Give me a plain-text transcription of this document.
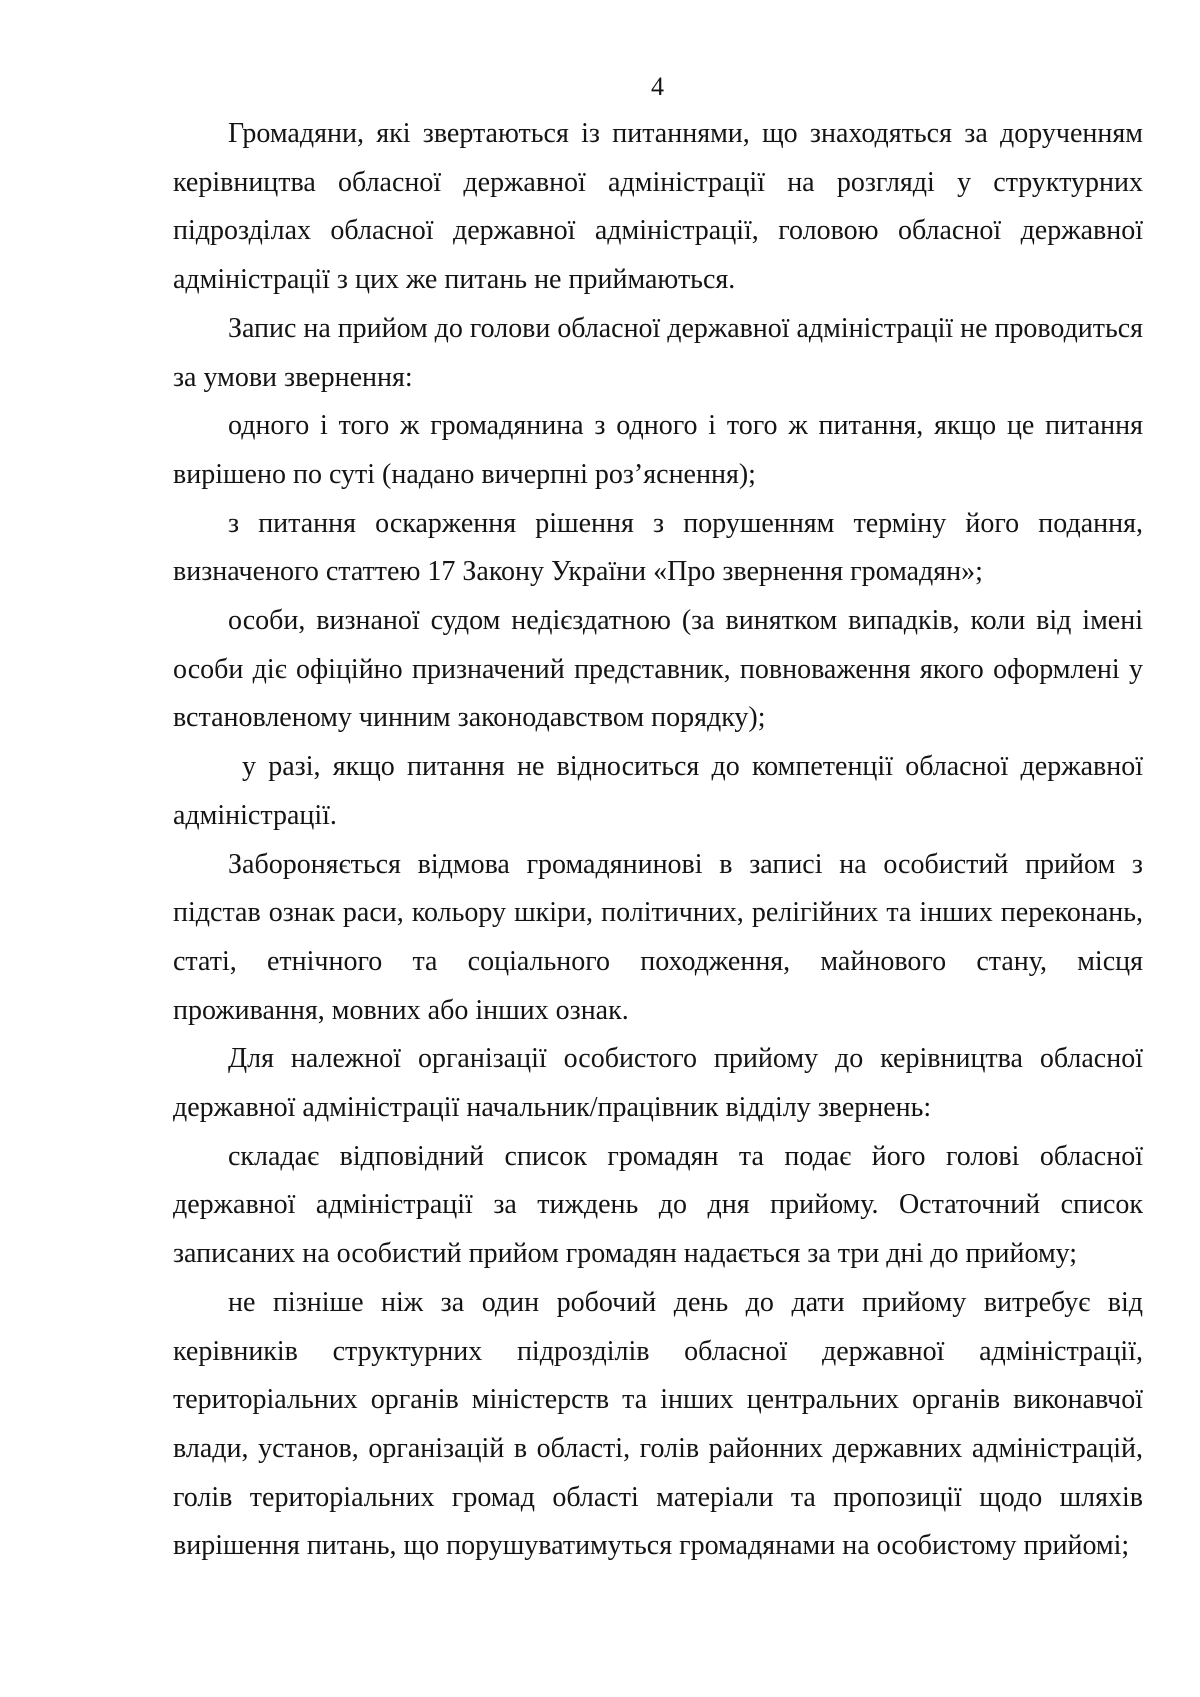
4
Громадяни, які звертаються із питаннями, що знаходяться за дорученням
керівництва обласної державної адміністрації на розгляді у структурних
підрозділах обласної державної адміністрації, головою обласної державної
адміністрації з цих же питань не приймаються.
Запис на прийом до голови обласної державної адміністрації не проводиться
за умови звернення:
одного і того ж громадянина з одного і того ж питання, якщо це питання
вирішено по суті (надано вичерпні роз’яснення);
з питання оскарження рішення з порушенням терміну його подання,
визначеного статтею 17 Закону України «Про звернення громадян»;
особи, визнаної судом недієздатною (за винятком випадків, коли від імені
особи діє офіційно призначений представник, повноваження якого оформлені у
встановленому чинним законодавством порядку);
у разі, якщо питання не відноситься до компетенції обласної державної
адміністрації.
Забороняється відмова громадянинові в записі на особистий прийом з
підстав ознак раси, кольору шкіри, політичних, релігійних та інших переконань,
статі, етнічного та соціального походження, майнового стану, місця
проживання, мовних або інших ознак.
Для належної організації особистого прийому до керівництва обласної
державної адміністрації начальник/працівник відділу звернень:
складає відповідний список громадян та подає його голові обласної
державної адміністрації за тиждень до дня прийому. Остаточний список
записаних на особистий прийом громадян надається за три дні до прийому;
не пізніше ніж за один робочий день до дати прийому витребує від
керівників структурних підрозділів обласної державної адміністрації,
територіальних органів міністерств та інших центральних органів виконавчої
влади, установ, організацій в області, голів районних державних адміністрацій,
голів територіальних громад області матеріали та пропозиції щодо шляхів
вирішення питань, що порушуватимуться громадянами на особистому прийомі;
